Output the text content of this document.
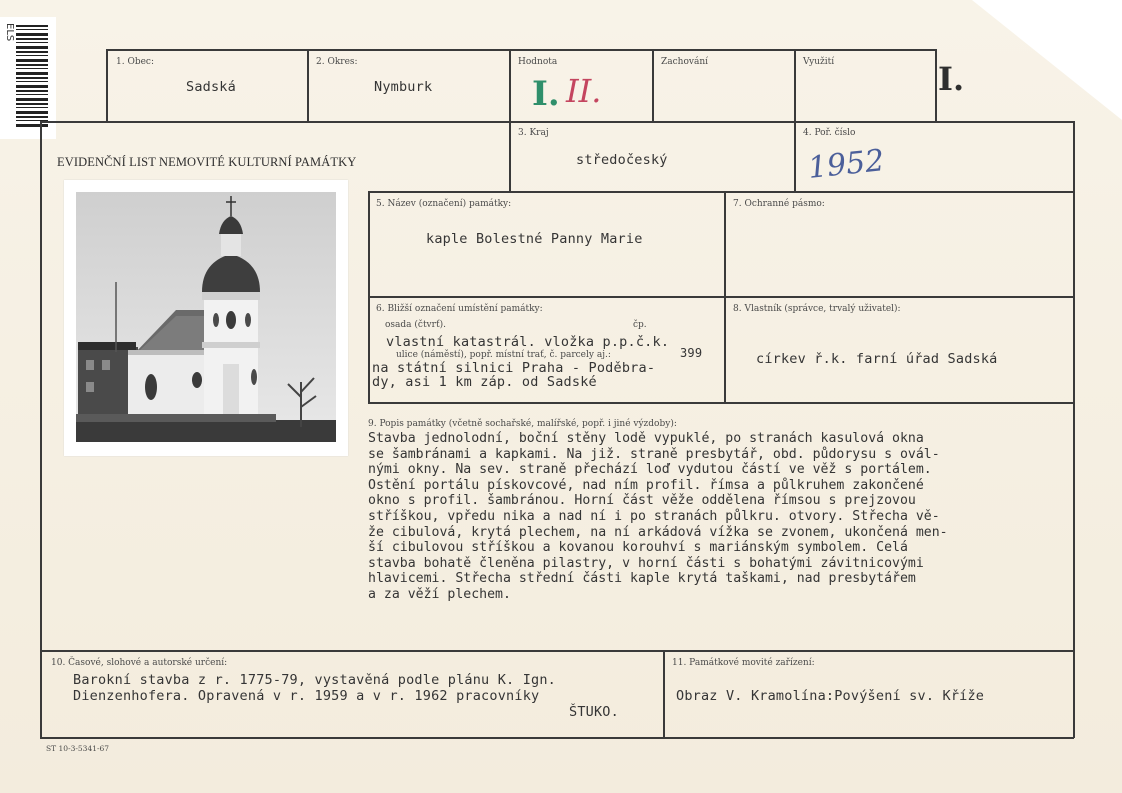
ELS
1. Obec:
Sadská
2. Okres:
Nymburk
Hodnota
I. II.
Zachování	Využití	I.
EVIDENČNÍ LIST NEMOVITÉ KULTURNÍ PAMÁTKY
3. Kraj
středočeský
4. Poř. číslo
1952
5. Název (označení) památky:
kaple Bolestné Panny Marie
7. Ochranné pásmo:
6. Bližší označení umístění památky:
osada (čtvrť).	čp.
vlastní katastrál. vložka p.p.č.k.
ulice (náměstí), popř. místní trať, č. parcely aj.:	399
na státní silnici Praha - Poděbra-
dy, asi 1 km záp. od Sadské
8. Vlastník (správce, trvalý uživatel):
církev ř.k. farní úřad Sadská
9. Popis památky (včetně sochařské, malířské, popř. i jiné výzdoby):
Stavba jednolodní, boční stěny lodě vypuklé, po stranách kasulová okna
se šambránami a kapkami. Na již. straně presbytář, obd. půdorysu s ovál-
nými okny. Na sev. straně přechází loď vydutou částí ve věž s portálem.
Ostění portálu pískovcové, nad ním profil. římsa a půlkruhem zakončené
okno s profil. šambránou. Horní část věže oddělena římsou s prejzovou
stříškou, vpředu nika a nad ní i po stranách půlkru. otvory. Střecha vě-
že cibulová, krytá plechem, na ní arkádová vížka se zvonem, ukončená men-
ší cibulovou stříškou a kovanou korouhví s mariánským symbolem. Celá
stavba bohatě členěna pilastry, v horní části s bohatými závitnicovými
hlavicemi. Střecha střední části kaple krytá taškami, nad presbytářem
a za věží plechem.
10. Časové, slohové a autorské určení:
Barokní stavba z r. 1775-79, vystavěná podle plánu K. Ign.
Dienzenhofera. Opravená v r. 1959 a v r. 1962 pracovníky
ŠTUKO.
11. Památkové movité zařízení:
Obraz V. Kramolína:Povýšení sv. Kříže
ST 10-3-5341-67
